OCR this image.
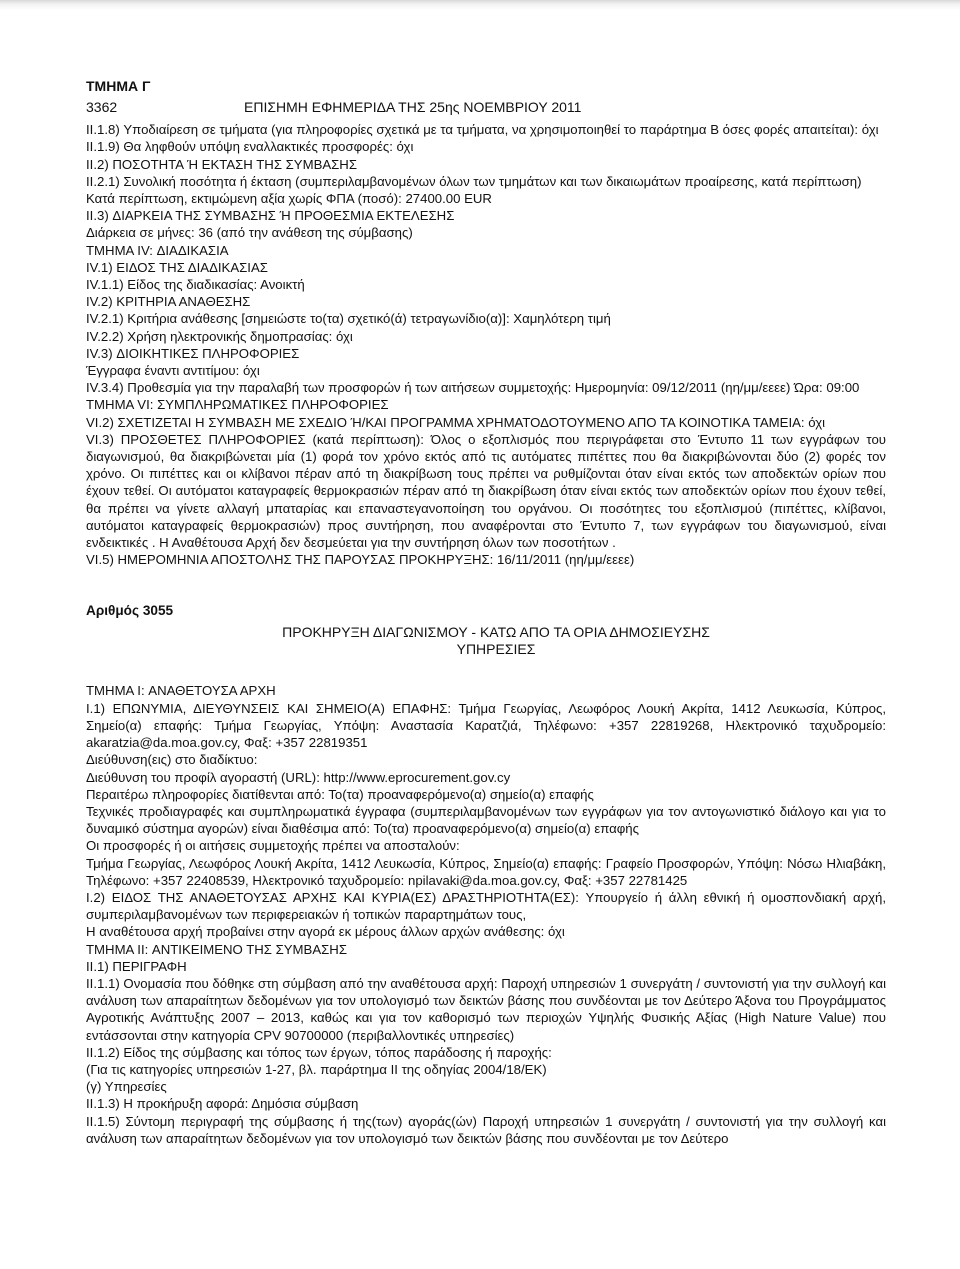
ΤΜΗΜΑ Γ
3362	ΕΠΙΣΗΜΗ ΕΦΗΜΕΡΙΔΑ ΤΗΣ 25ης ΝΟΕΜΒΡΙΟΥ 2011
II.1.8) Υποδιαίρεση σε τμήματα (για πληροφορίες σχετικά με τα τμήματα, να χρησιμοποιηθεί το παράρτημα Β όσες φορές απαιτείται): όχι
II.1.9) Θα ληφθούν υπόψη εναλλακτικές προσφορές: όχι
II.2) ΠΟΣΟΤΗΤΑ Ή ΕΚΤΑΣΗ ΤΗΣ ΣΥΜΒΑΣΗΣ
II.2.1) Συνολική ποσότητα ή έκταση (συμπεριλαμβανομένων όλων των τμημάτων και των δικαιωμάτων προαίρεσης, κατά περίπτωση)
Κατά περίπτωση, εκτιμώμενη αξία χωρίς ΦΠΑ (ποσό): 27400.00 EUR
II.3) ΔΙΑΡΚΕΙΑ ΤΗΣ ΣΥΜΒΑΣΗΣ Ή ΠΡΟΘΕΣΜΙΑ ΕΚΤΕΛΕΣΗΣ
Διάρκεια σε μήνες: 36 (από την ανάθεση της σύμβασης)
ΤΜΗΜΑ IV: ΔΙΑΔΙΚΑΣΙΑ
IV.1) ΕΙΔΟΣ ΤΗΣ ΔΙΑΔΙΚΑΣΙΑΣ
IV.1.1) Είδος της διαδικασίας: Ανοικτή
IV.2) ΚΡΙΤΗΡΙΑ ΑΝΑΘΕΣΗΣ
IV.2.1) Κριτήρια ανάθεσης [σημειώστε το(τα) σχετικό(ά) τετραγωνίδιο(α)]: Χαμηλότερη τιμή
IV.2.2) Χρήση ηλεκτρονικής δημοπρασίας: όχι
IV.3) ΔΙΟΙΚΗΤΙΚΕΣ ΠΛΗΡΟΦΟΡΙΕΣ
Έγγραφα έναντι αντιτίμου: όχι
IV.3.4) Προθεσμία για την παραλαβή των προσφορών ή των αιτήσεων συμμετοχής: Ημερομηνία: 09/12/2011 (ηη/μμ/εεεε) Ώρα: 09:00
ΤΜΗΜΑ VI: ΣΥΜΠΛΗΡΩΜΑΤΙΚΕΣ ΠΛΗΡΟΦΟΡΙΕΣ
VI.2) ΣΧΕΤΙΖΕΤΑΙ Η ΣΥΜΒΑΣΗ ΜΕ ΣΧΕΔΙΟ Ή/ΚΑΙ ΠΡΟΓΡΑΜΜΑ ΧΡΗΜΑΤΟΔΟΤΟΥΜΕΝΟ ΑΠΟ ΤΑ ΚΟΙΝΟΤΙΚΑ ΤΑΜΕΙΑ: όχι
VI.3) ΠΡΟΣΘΕΤΕΣ ΠΛΗΡΟΦΟΡΙΕΣ (κατά περίπτωση): Όλος ο εξοπλισμός που περιγράφεται στο Έντυπο 11 των εγγράφων του διαγωνισμού, θα διακριβώνεται μία (1) φορά τον χρόνο εκτός από τις αυτόματες πιπέττες που θα διακριβώνονται δύο (2) φορές τον χρόνο. Οι πιπέττες και οι κλίβανοι πέραν από τη διακρίβωση τους πρέπει να ρυθμίζονται όταν είναι εκτός των αποδεκτών ορίων που έχουν τεθεί. Οι αυτόματοι καταγραφείς θερμοκρασιών πέραν από τη διακρίβωση όταν είναι εκτός των αποδεκτών ορίων που έχουν τεθεί, θα πρέπει να γίνετε αλλαγή μπαταρίας και επαναστεγανοποίηση του οργάνου. Οι ποσότητες του εξοπλισμού (πιπέττες, κλίβανοι, αυτόματοι καταγραφείς θερμοκρασιών) προς συντήρηση, που αναφέρονται στο Έντυπο 7, των εγγράφων του διαγωνισμού, είναι ενδεικτικές . Η Αναθέτουσα Αρχή δεν δεσμεύεται για την συντήρηση όλων των ποσοτήτων .
VI.5) ΗΜΕΡΟΜΗΝΙΑ ΑΠΟΣΤΟΛΗΣ ΤΗΣ ΠΑΡΟΥΣΑΣ ΠΡΟΚΗΡΥΞΗΣ: 16/11/2011 (ηη/μμ/εεεε)
Αριθμός 3055
ΠΡΟΚΗΡΥΞΗ ΔΙΑΓΩΝΙΣΜΟΥ - ΚΑΤΩ ΑΠΟ ΤΑ ΟΡΙΑ ΔΗΜΟΣΙΕΥΣΗΣ
ΥΠΗΡΕΣΙΕΣ
ΤΜΗΜΑ I: ΑΝΑΘΕΤΟΥΣΑ ΑΡΧΗ
I.1) ΕΠΩΝΥΜΙΑ, ΔΙΕΥΘΥΝΣΕΙΣ ΚΑΙ ΣΗΜΕΙΟ(Α) ΕΠΑΦΗΣ: Τμήμα Γεωργίας, Λεωφόρος Λουκή Ακρίτα, 1412 Λευκωσία, Κύπρος, Σημείο(α) επαφής: Τμήμα Γεωργίας, Υπόψη: Αναστασία Καρατζιά, Τηλέφωνο: +357 22819268, Ηλεκτρονικό ταχυδρομείο: akaratzia@da.moa.gov.cy, Φαξ: +357 22819351
Διεύθυνση(εις) στο διαδίκτυο:
Διεύθυνση του προφίλ αγοραστή (URL): http://www.eprocurement.gov.cy
Περαιτέρω πληροφορίες διατίθενται από: Το(τα) προαναφερόμενο(α) σημείο(α) επαφής
Τεχνικές προδιαγραφές και συμπληρωματικά έγγραφα (συμπεριλαμβανομένων των εγγράφων για τον αντογωνιστικό διάλογο και για το δυναμικό σύστημα αγορών) είναι διαθέσιμα από: Το(τα) προαναφερόμενο(α) σημείο(α) επαφής
Οι προσφορές ή οι αιτήσεις συμμετοχής πρέπει να αποσταλούν:
Τμήμα Γεωργίας, Λεωφόρος Λουκή Ακρίτα, 1412 Λευκωσία, Κύπρος, Σημείο(α) επαφής: Γραφείο Προσφορών, Υπόψη: Νόσω Ηλιαβάκη, Τηλέφωνο: +357 22408539, Ηλεκτρονικό ταχυδρομείο: npilavaki@da.moa.gov.cy, Φαξ: +357 22781425
I.2) ΕΙΔΟΣ ΤΗΣ ΑΝΑΘΕΤΟΥΣΑΣ ΑΡΧΗΣ ΚΑΙ ΚΥΡΙΑ(ΕΣ) ΔΡΑΣΤΗΡΙΟΤΗΤΑ(ΕΣ): Υπουργείο ή άλλη εθνική ή ομοσπονδιακή αρχή, συμπεριλαμβανομένων των περιφερειακών ή τοπικών παραρτημάτων τους,
Η αναθέτουσα αρχή προβαίνει στην αγορά εκ μέρους άλλων αρχών ανάθεσης: όχι
ΤΜΗΜΑ II: ΑΝΤΙΚΕΙΜΕΝΟ ΤΗΣ ΣΥΜΒΑΣΗΣ
II.1) ΠΕΡΙΓΡΑΦΗ
II.1.1) Ονομασία που δόθηκε στη σύμβαση από την αναθέτουσα αρχή: Παροχή υπηρεσιών 1 συνεργάτη / συντονιστή για την συλλογή και ανάλυση των απαραίτητων δεδομένων για τον υπολογισμό των δεικτών βάσης που συνδέονται με τον Δεύτερο Άξονα του Προγράμματος Αγροτικής Ανάπτυξης 2007 – 2013, καθώς και για τον καθορισμό των περιοχών Υψηλής Φυσικής Αξίας (High Nature Value) που εντάσσονται στην κατηγορία CPV 90700000 (περιβαλλοντικές υπηρεσίες)
II.1.2) Είδος της σύμβασης και τόπος των έργων, τόπος παράδοσης ή παροχής:
(Για τις κατηγορίες υπηρεσιών 1-27, βλ. παράρτημα II της οδηγίας 2004/18/ΕΚ)
(γ) Υπηρεσίες
II.1.3) Η προκήρυξη αφορά: Δημόσια σύμβαση
II.1.5) Σύντομη περιγραφή της σύμβασης ή της(των) αγοράς(ών) Παροχή υπηρεσιών 1 συνεργάτη / συντονιστή για την συλλογή και ανάλυση των απαραίτητων δεδομένων για τον υπολογισμό των δεικτών βάσης που συνδέονται με τον Δεύτερο
